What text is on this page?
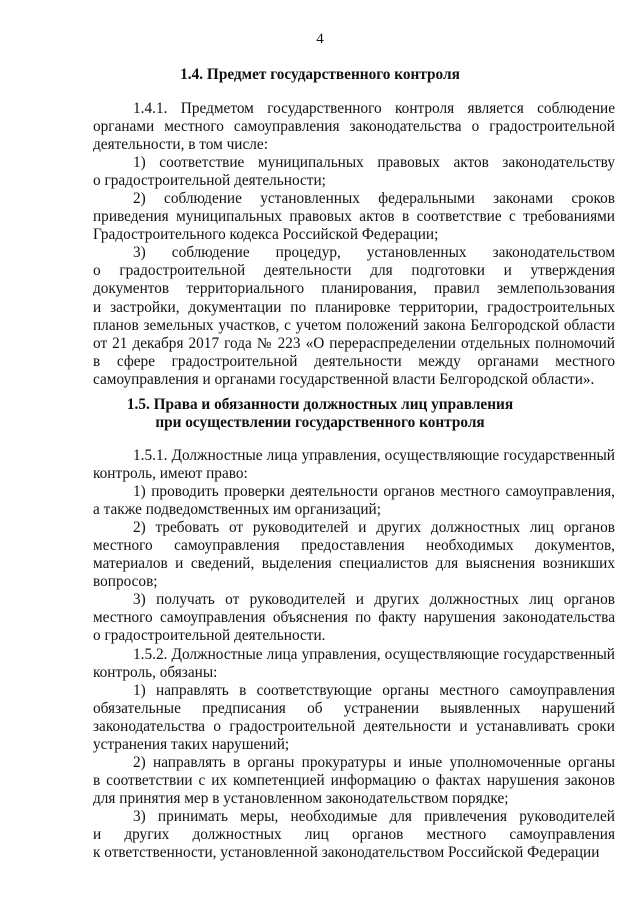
4
1.4. Предмет государственного контроля
1.4.1. Предметом государственного контроля является соблюдение
органами местного самоуправления законодательства о градостроительной
деятельности, в том числе:
1) соответствие муниципальных правовых актов законодательству
о градостроительной деятельности;
2) соблюдение установленных федеральными законами сроков
приведения муниципальных правовых актов в соответствие с требованиями
Градостроительного кодекса Российской Федерации;
3) соблюдение процедур, установленных законодательством
о градостроительной деятельности для подготовки и утверждения
документов территориального планирования, правил землепользования
и застройки, документации по планировке территории, градостроительных
планов земельных участков, с учетом положений закона Белгородской области
от 21 декабря 2017 года № 223 «О перераспределении отдельных полномочий
в сфере градостроительной деятельности между органами местного
самоуправления и органами государственной власти Белгородской области».
1.5. Права и обязанности должностных лиц управления
при осуществлении государственного контроля
1.5.1. Должностные лица управления, осуществляющие государственный
контроль, имеют право:
1) проводить проверки деятельности органов местного самоуправления,
а также подведомственных им организаций;
2) требовать от руководителей и других должностных лиц органов
местного самоуправления предоставления необходимых документов,
материалов и сведений, выделения специалистов для выяснения возникших
вопросов;
3) получать от руководителей и других должностных лиц органов
местного самоуправления объяснения по факту нарушения законодательства
о градостроительной деятельности.
1.5.2. Должностные лица управления, осуществляющие государственный
контроль, обязаны:
1) направлять в соответствующие органы местного самоуправления
обязательные предписания об устранении выявленных нарушений
законодательства о градостроительной деятельности и устанавливать сроки
устранения таких нарушений;
2) направлять в органы прокуратуры и иные уполномоченные органы
в соответствии с их компетенцией информацию о фактах нарушения законов
для принятия мер в установленном законодательством порядке;
3) принимать меры, необходимые для привлечения руководителей
и других должностных лиц органов местного самоуправления
к ответственности, установленной законодательством Российской Федерации
